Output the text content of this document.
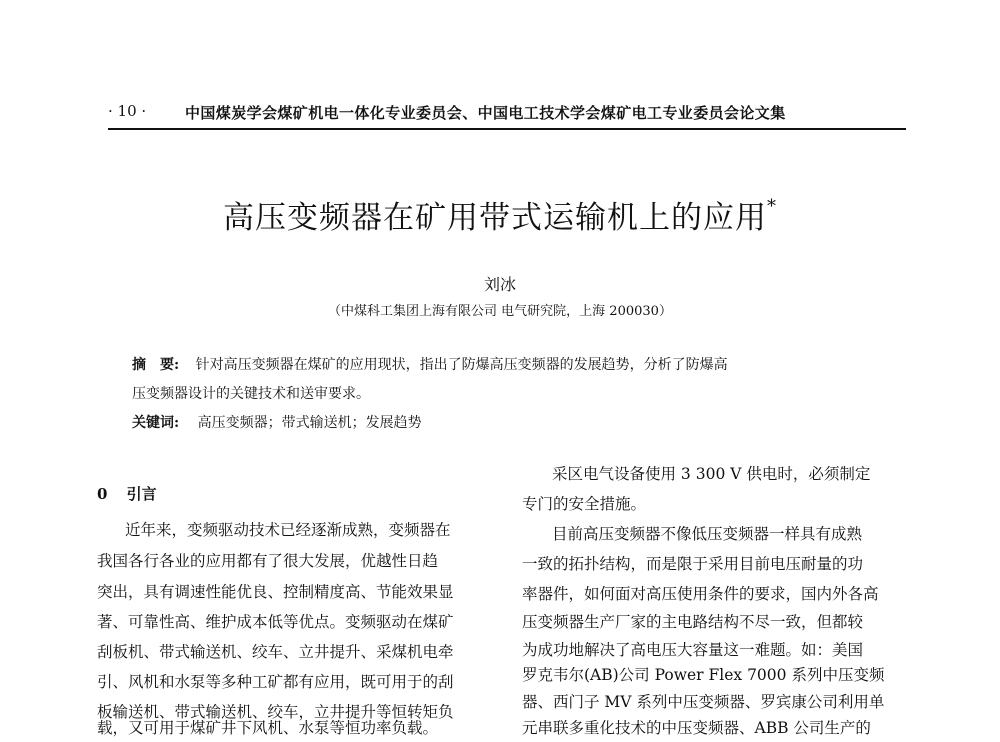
· 10 ·	中国煤炭学会煤矿机电一体化专业委员会、中国电工技术学会煤矿电工专业委员会论文集
高压变频器在矿用带式运输机上的应用*
刘冰
（中煤科工集团上海有限公司 电气研究院，上海 200030）
摘　要: 针对高压变频器在煤矿的应用现状，指出了防爆高压变频器的发展趋势，分析了防爆高
压变频器设计的关键技术和送审要求。
关键词: 高压变频器；带式输送机；发展趋势
0 引言
近年来，变频驱动技术已经逐渐成熟，变频器在
我国各行各业的应用都有了很大发展，优越性日趋
突出，具有调速性能优良、控制精度高、节能效果显
著、可靠性高、维护成本低等优点。变频驱动在煤矿
刮板机、带式输送机、绞车、立井提升、采煤机电牵
引、风机和水泵等多种工矿都有应用，既可用于的刮
板输送机、带式输送机、绞车，立井提升等恒转矩负
载，又可用于煤矿井下风机、水泵等恒功率负载。
采区电气设备使用 3 300 V 供电时，必须制定
专门的安全措施。
目前高压变频器不像低压变频器一样具有成熟
一致的拓扑结构，而是限于采用目前电压耐量的功
率器件，如何面对高压使用条件的要求，国内外各高
压变频器生产厂家的主电路结构不尽一致，但都较
为成功地解决了高电压大容量这一难题。如：美国
罗克韦尔(AB)公司 Power Flex 7000 系列中压变频
器、西门子 MV 系列中压变频器、罗宾康公司利用单
元串联多重化技术的中压变频器、ABB 公司生产的
